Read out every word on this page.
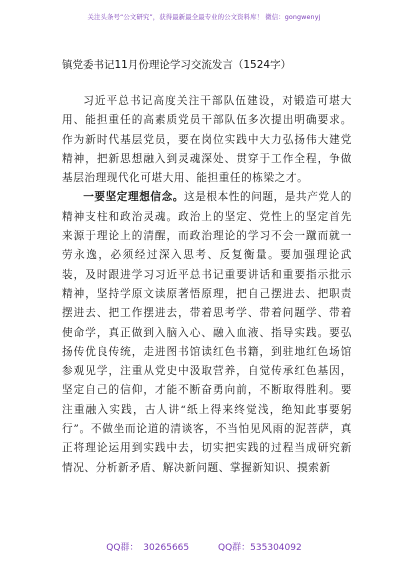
关注头条号“公文研究”，获得最新最全最专业的公文资料库！ 微信：gongwenyj
镇党委书记11月份理论学习交流发言（1524字）

习近平总书记高度关注干部队伍建设，对锻造可堪大用、能担重任的高素质党员干部队伍多次提出明确要求。作为新时代基层党员，要在岗位实践中大力弘扬伟大建党精神，把新思想融入到灵魂深处、贯穿于工作全程，争做基层治理现代化可堪大用、能担重任的栋梁之才。

一要坚定理想信念。这是根本性的问题，是共产党人的精神支柱和政治灵魂。政治上的坚定、党性上的坚定首先来源于理论上的清醒，而政治理论的学习不会一蹴而就一劳永逸，必须经过深入思考、反复衡量。要加强理论武装，及时跟进学习习近平总书记重要讲话和重要指示批示精神，坚持学原文读原著悟原理，把自己摆进去、把职责摆进去、把工作摆进去，带着思考学、带着问题学、带着使命学，真正做到入脑入心、融入血液、指导实践。要弘扬传优良传统，走进图书馆读红色书籍，到驻地红色场馆参观见学，注重从党史中汲取营养，自觉传承红色基因，坚定自己的信仰，才能不断奋勇向前，不断取得胜利。要注重融入实践，古人讲“纸上得来终觉浅，绝知此事要躬行”。不做坐而论道的清谈客，不当怕见风雨的泥菩萨，真正将理论运用到实践中去，切实把实践的过程当成研究新情况、分析新矛盾、解决新问题、掌握新知识、摸索新

QQ群： 30265665	QQ群：535304092
